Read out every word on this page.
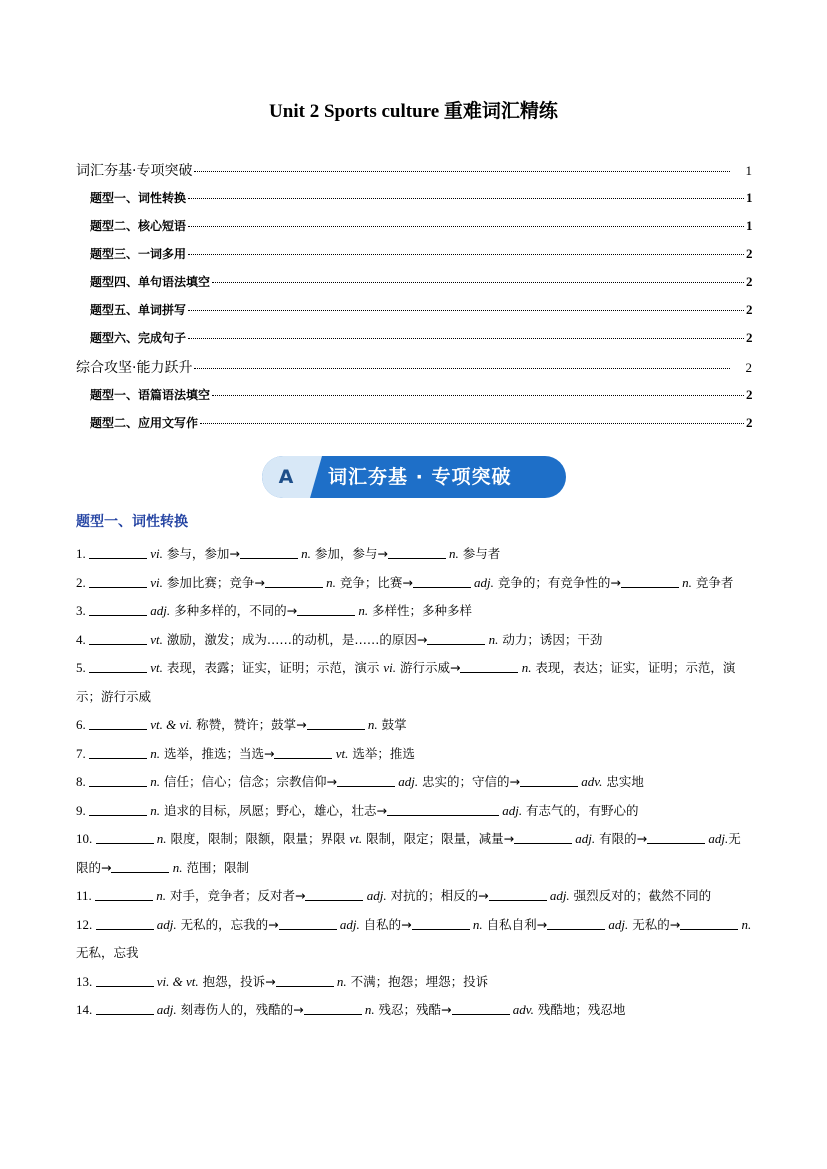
Unit 2 Sports culture 重难词汇精练
词汇夯基·专项突破	1
题型一、词性转换	1
题型二、核心短语	1
题型三、一词多用	2
题型四、单句语法填空	2
题型五、单词拼写	2
题型六、完成句子	2
综合攻坚·能力跃升	2
题型一、语篇语法填空	2
题型二、应用文写作	2
A	词汇夯基 · 专项突破
题型一、词性转换
1.	vi. 参与，参加→	n. 参加，参与→	n. 参与者
2.	vi. 参加比赛；竞争→	n. 竞争；比赛→	adj. 竞争的；有竞争性的→	n. 竞争者
3.	adj. 多种多样的，不同的→	n. 多样性；多种多样
4.	vt. 激励，激发；成为……的动机，是……的原因→	n. 动力；诱因；干劲
5.	vt. 表现，表露；证实，证明；示范，演示 vi. 游行示威→	n. 表现，表达；证实，证明；示范，演示；游行示威
6.	vt. & vi. 称赞，赞许；鼓掌→	n. 鼓掌
7.	n. 选举，推选；当选→	vt. 选举；推选
8.	n. 信任；信心；信念；宗教信仰→	adj. 忠实的；守信的→	adv. 忠实地
9.	n. 追求的目标，夙愿；野心，雄心，壮志→	adj. 有志气的，有野心的
10.	n. 限度，限制；限额，限量；界限 vt. 限制，限定；限量，减量→	adj. 有限的→	adj.无限的→	n. 范围；限制
11.	n. 对手，竞争者；反对者→	adj. 对抗的；相反的→	adj. 强烈反对的；截然不同的
12.	adj. 无私的，忘我的→	adj. 自私的→	n. 自私自利→	adj. 无私的→	n. 无私，忘我
13.	vi. & vt. 抱怨，投诉→	n. 不满；抱怨；埋怨；投诉
14.	adj. 刻毒伤人的，残酷的→	n. 残忍；残酷→	adv. 残酷地；残忍地
